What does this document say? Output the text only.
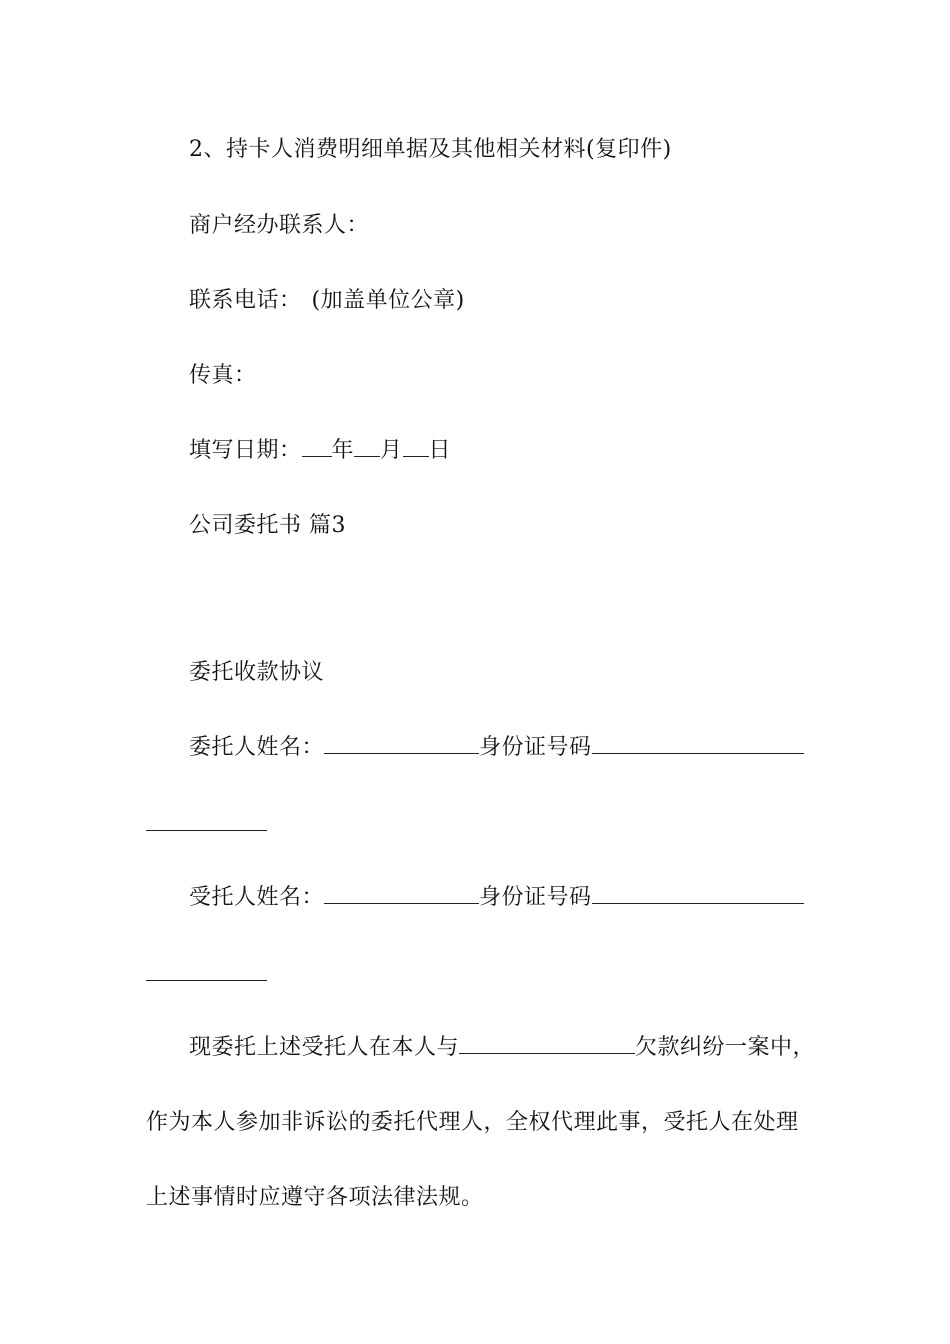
2、持卡人消费明细单据及其他相关材料(复印件)
商户经办联系人：
联系电话： (加盖单位公章)
传真：
填写日期： 年 月 日
公司委托书 篇3
委托收款协议
委托人姓名：	身份证号码
受托人姓名：	身份证号码
现委托上述受托人在本人与	欠款纠纷一案中，
作为本人参加非诉讼的委托代理人，全权代理此事，受托人在处理
上述事情时应遵守各项法律法规。
